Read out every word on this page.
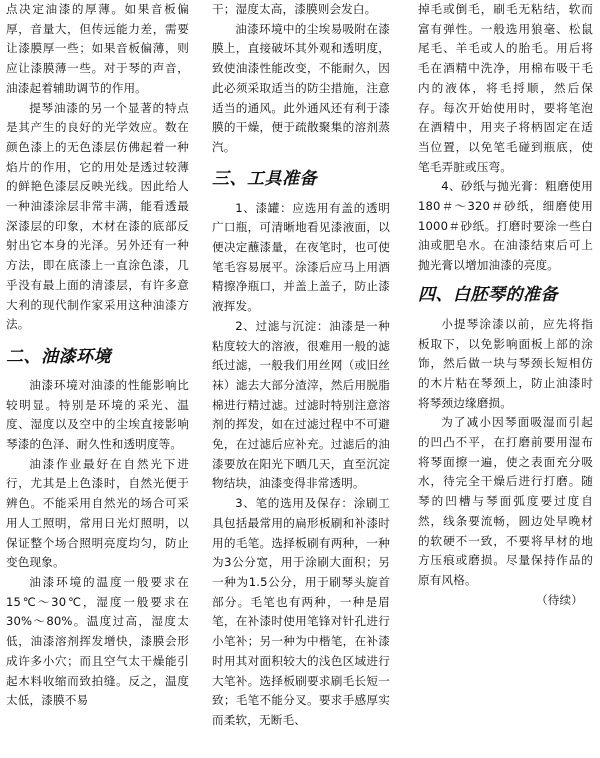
点决定油漆的厚薄。如果音板偏厚，音量大，但传远能力差，需要让漆膜厚一些；如果音板偏薄，则应让漆膜薄一些。对于琴的声音，油漆起着辅助调节的作用。

提琴油漆的另一个显著的特点是其产生的良好的光学效应。数在颜色漆上的无色漆层仿佛起着一种焰片的作用，它的用处是透过较薄的鲜艳色漆层反映光线。因此给人一种油漆涂层非常丰满，能看透最深漆层的印象，木材在漆的底部反射出它本身的光泽。另外还有一种方法，即在底漆上一直涂色漆，几乎没有最上面的清漆层，有许多意大利的现代制作家采用这种油漆方法。

二、油漆环境

油漆环境对油漆的性能影响比较明显。特别是环境的采光、温度、湿度以及空中的尘埃直接影响琴漆的色泽、耐久性和透明度等。

油漆作业最好在自然光下进行，尤其是上色漆时，自然光便于辨色。不能采用自然光的场合可采用人工照明，常用日光灯照明，以保证整个场合照明亮度均匀，防止变色现象。

油漆环境的温度一般要求在15℃～30℃，湿度一般要求在30%～80%。温度过高，湿度太低，油漆溶剂挥发增快，漆膜会形成许多小穴；而且空气太干燥能引起木料收缩而致拍缝。反之，温度太低，漆膜不易

干；湿度太高，漆膜则会发白。

油漆环境中的尘埃易吸附在漆膜上，直接破坏其外观和透明度，致使油漆性能改变，不能耐久，因此必须采取适当的防尘措施，注意适当的通风。此外通风还有利于漆膜的干燥，便于疏散聚集的溶剂蒸汽。

三、工具准备

1、漆罐：应选用有盖的透明广口瓶，可清晰地看见漆液面，以便决定蘸漆量，在夜笔时，也可使笔毛容易展平。涂漆后应马上用酒精擦净瓶口，并盖上盖子，防止漆液挥发。

2、过滤与沉淀：油漆是一种粘度较大的溶液，很难用一般的滤纸过滤，一般我们用丝网（或旧丝袜）滤去大部分渣滓，然后用脱脂棉进行精过滤。过滤时特别注意溶剂的挥发，如在过滤过程中不可避免，在过滤后应补充。过滤后的油漆要放在阳光下晒几天，直至沉淀物结块，油漆变得非常透明。

3、笔的选用及保存：涂刷工具包括最常用的扁形板刷和补漆时用的毛笔。选择板刷有两种，一种为3公分宽，用于涂刷大面积；另一种为1.5公分，用于刷琴头旋首部分。毛笔也有两种，一种是眉笔，在补漆时使用笔锋对针孔进行小笔补；另一种为中楷笔，在补漆时用其对面积较大的浅色区域进行大笔补。选择板刷要求刷毛长短一致；毛笔不能分叉。要求手感厚实而柔软，无断毛、

掉毛或倒毛，刷毛无粘结，软而富有弹性。一般选用狼毫、松鼠尾毛、羊毛或人的胎毛。用后将毛在酒精中洗净，用棉布吸干毛内的液体，将毛捋顺，然后保存。每次开始使用时，要将笔泡在酒精中，用夹子将柄固定在适当位置，以免笔毛碰到瓶底，使笔毛弄脏或压弯。

4、砂纸与抛光膏：粗磨使用180＃～320＃砂纸，细磨使用1000＃砂纸。打磨时要涂一些白油或肥皂水。在油漆结束后可上抛光膏以增加油漆的亮度。

四、白胚琴的准备

小提琴涂漆以前，应先将指板取下，以免影响面板上部的涂饰，然后做一块与琴颈长短相仿的木片粘在琴颈上，防止油漆时将琴颈边缘磨损。

为了减小因琴面吸湿而引起的凹凸不平，在打磨前要用湿布将琴面擦一遍，使之表面充分吸水，待完全干燥后进行打磨。随琴的凹槽与琴面弧度要过度自然，线条要流畅，圆边处早晚材的软硬不一致，不要将早材的地方压痕或磨损。尽量保持作品的原有风格。

（待续）
